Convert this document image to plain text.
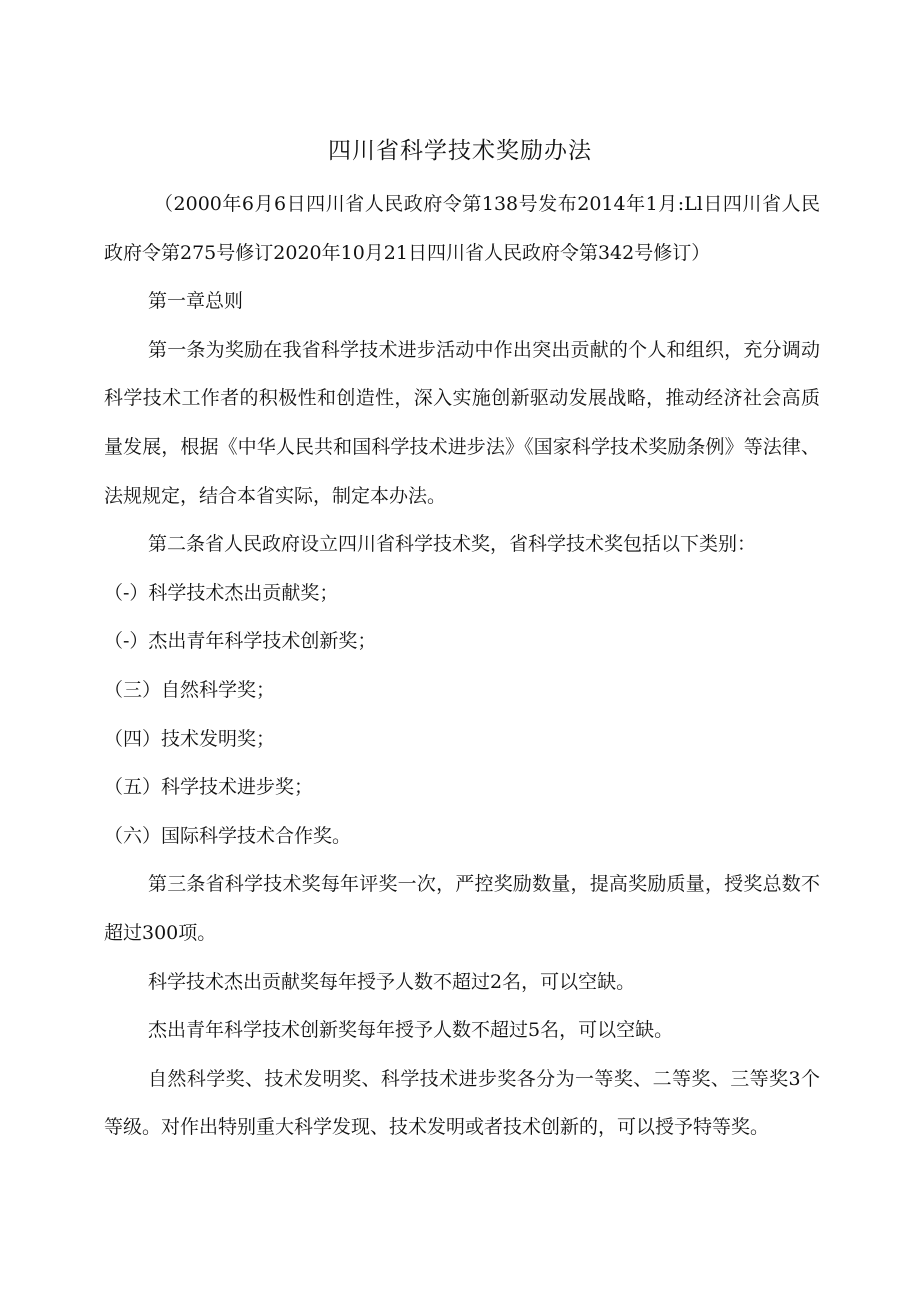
四川省科学技术奖励办法

（2000年6月6日四川省人民政府令第138号发布2014年1月:Ll日四川省人民政府令第275号修订2020年10月21日四川省人民政府令第342号修订）

第一章总则

第一条为奖励在我省科学技术进步活动中作出突出贡献的个人和组织，充分调动科学技术工作者的积极性和创造性，深入实施创新驱动发展战略，推动经济社会高质量发展，根据《中华人民共和国科学技术进步法》《国家科学技术奖励条例》等法律、法规规定，结合本省实际，制定本办法。

第二条省人民政府设立四川省科学技术奖，省科学技术奖包括以下类别：

（-）科学技术杰出贡献奖；

（-）杰出青年科学技术创新奖；

（三）自然科学奖；

（四）技术发明奖；

（五）科学技术进步奖；

（六）国际科学技术合作奖。

第三条省科学技术奖每年评奖一次，严控奖励数量，提高奖励质量，授奖总数不超过300项。

科学技术杰出贡献奖每年授予人数不超过2名，可以空缺。

杰出青年科学技术创新奖每年授予人数不超过5名，可以空缺。

自然科学奖、技术发明奖、科学技术进步奖各分为一等奖、二等奖、三等奖3个等级。对作出特别重大科学发现、技术发明或者技术创新的，可以授予特等奖。
